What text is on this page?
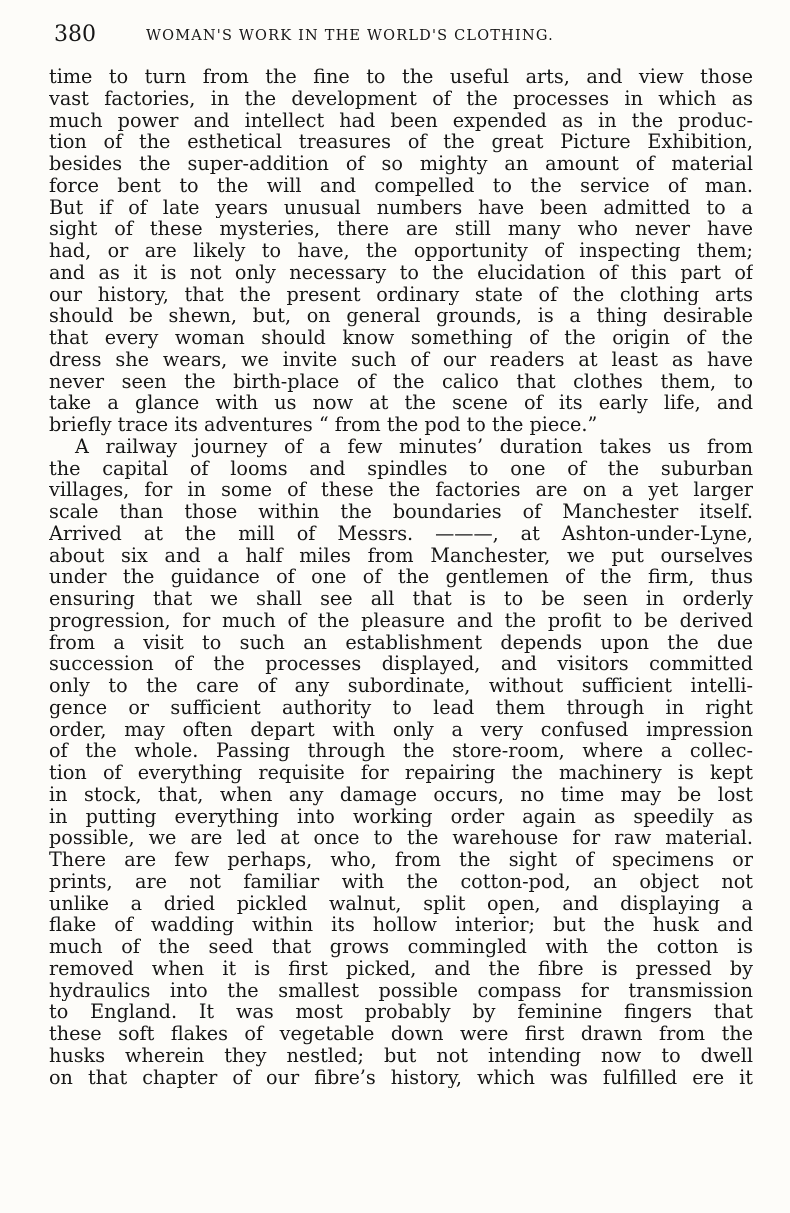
380	WOMAN'S WORK IN THE WORLD'S CLOTHING.
time to turn from the fine to the useful arts, and view those
vast factories, in the development of the processes in which as
much power and intellect had been expended as in the produc-
tion of the esthetical treasures of the great Picture Exhibition,
besides the super-addition of so mighty an amount of material
force bent to the will and compelled to the service of man.
But if of late years unusual numbers have been admitted to a
sight of these mysteries, there are still many who never have
had, or are likely to have, the opportunity of inspecting them;
and as it is not only necessary to the elucidation of this part of
our history, that the present ordinary state of the clothing arts
should be shewn, but, on general grounds, is a thing desirable
that every woman should know something of the origin of the
dress she wears, we invite such of our readers at least as have
never seen the birth-place of the calico that clothes them, to
take a glance with us now at the scene of its early life, and
briefly trace its adventures “ from the pod to the piece.”
A railway journey of a few minutes’ duration takes us from
the capital of looms and spindles to one of the suburban
villages, for in some of these the factories are on a yet larger
scale than those within the boundaries of Manchester itself.
Arrived at the mill of Messrs. ———, at Ashton-under-Lyne,
about six and a half miles from Manchester, we put ourselves
under the guidance of one of the gentlemen of the firm, thus
ensuring that we shall see all that is to be seen in orderly
progression, for much of the pleasure and the profit to be derived
from a visit to such an establishment depends upon the due
succession of the processes displayed, and visitors committed
only to the care of any subordinate, without sufficient intelli-
gence or sufficient authority to lead them through in right
order, may often depart with only a very confused impression
of the whole. Passing through the store-room, where a collec-
tion of everything requisite for repairing the machinery is kept
in stock, that, when any damage occurs, no time may be lost
in putting everything into working order again as speedily as
possible, we are led at once to the warehouse for raw material.
There are few perhaps, who, from the sight of specimens or
prints, are not familiar with the cotton-pod, an object not
unlike a dried pickled walnut, split open, and displaying a
flake of wadding within its hollow interior; but the husk and
much of the seed that grows commingled with the cotton is
removed when it is first picked, and the fibre is pressed by
hydraulics into the smallest possible compass for transmission
to England. It was most probably by feminine fingers that
these soft flakes of vegetable down were first drawn from the
husks wherein they nestled; but not intending now to dwell
on that chapter of our fibre’s history, which was fulfilled ere it
